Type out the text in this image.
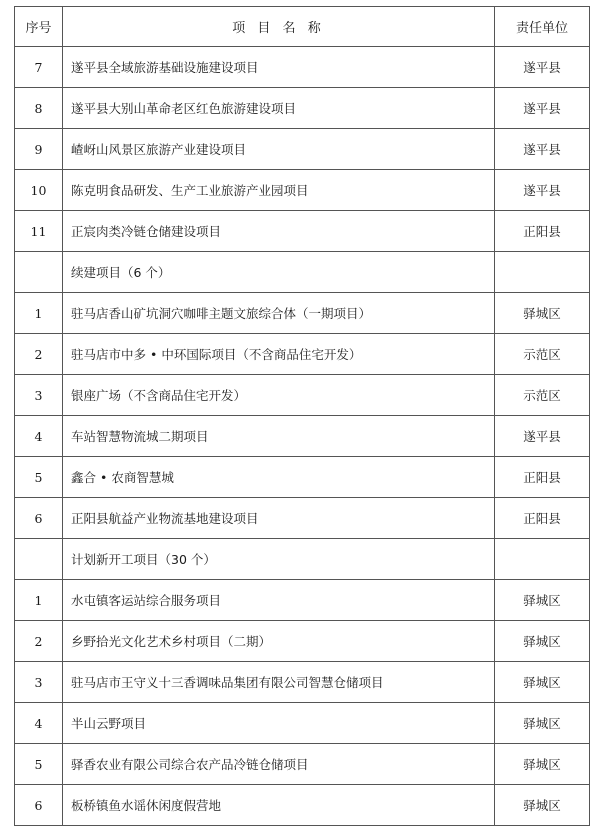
序号	项 目 名 称	责任单位
7	遂平县全域旅游基础设施建设项目	遂平县
8	遂平县大别山革命老区红色旅游建设项目	遂平县
9	嵖岈山风景区旅游产业建设项目	遂平县
10	陈克明食品研发、生产工业旅游产业园项目	遂平县
11	正宸肉类冷链仓储建设项目	正阳县
	续建项目（6 个）	
1	驻马店香山矿坑洞穴咖啡主题文旅综合体（一期项目）	驿城区
2	驻马店市中多 • 中环国际项目（不含商品住宅开发）	示范区
3	银座广场（不含商品住宅开发）	示范区
4	车站智慧物流城二期项目	遂平县
5	鑫合 • 农商智慧城	正阳县
6	正阳县航益产业物流基地建设项目	正阳县
	计划新开工项目（30 个）	
1	水屯镇客运站综合服务项目	驿城区
2	乡野拾光文化艺术乡村项目（二期）	驿城区
3	驻马店市王守义十三香调味品集团有限公司智慧仓储项目	驿城区
4	半山云野项目	驿城区
5	驿香农业有限公司综合农产品冷链仓储项目	驿城区
6	板桥镇鱼水谣休闲度假营地	驿城区
